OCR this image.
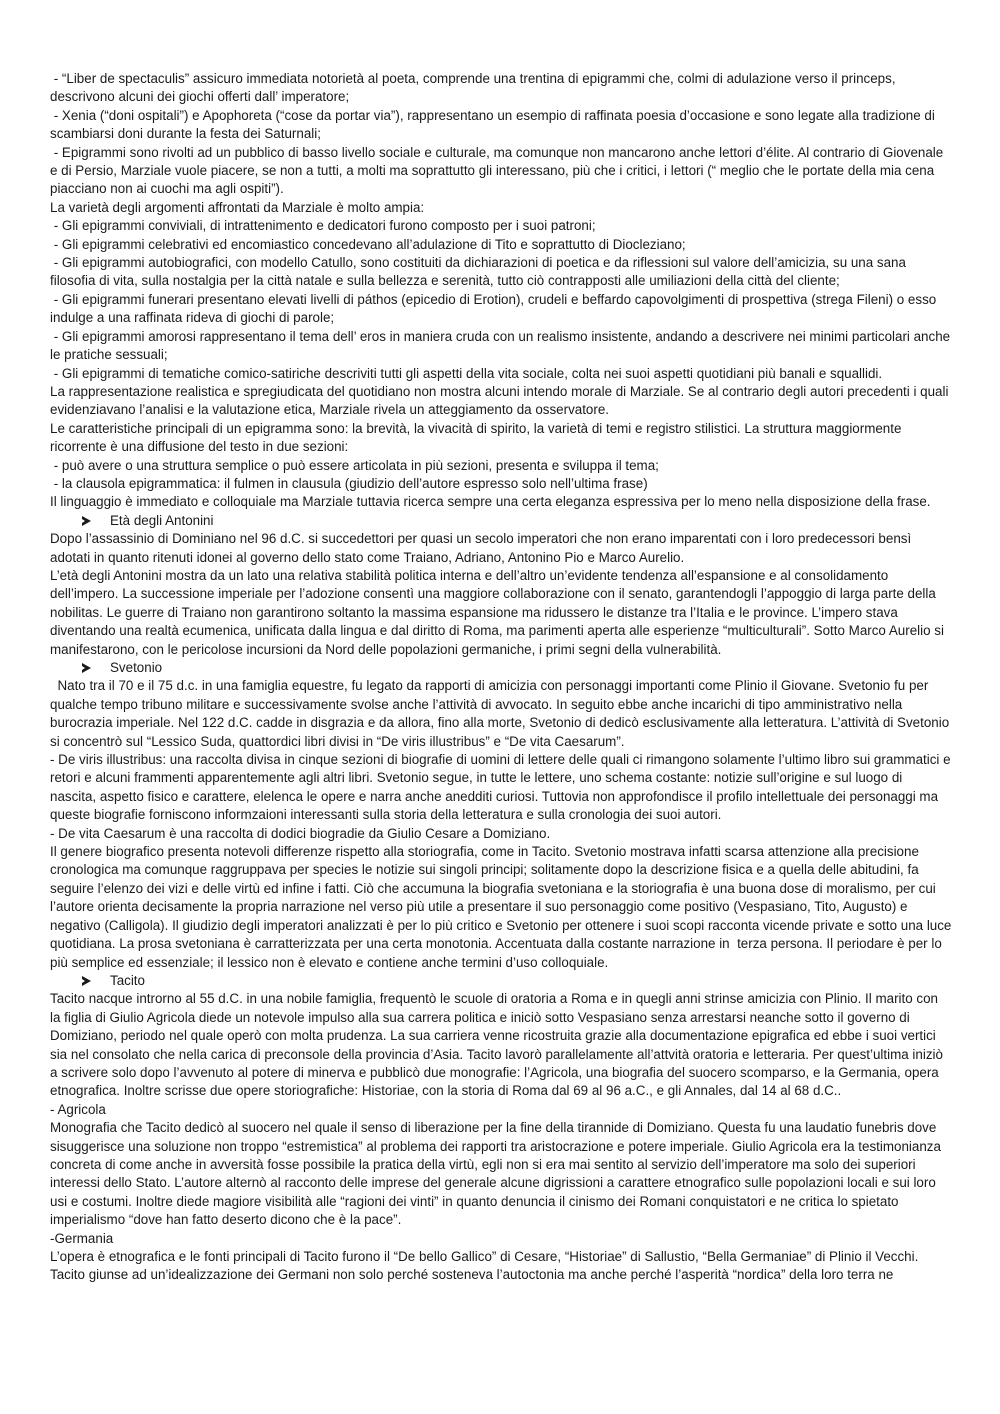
- “Liber de spectaculis” assicuro immediata notorietà al poeta, comprende una trentina di epigrammi che, colmi di adulazione verso il princeps, descrivono alcuni dei giochi offerti dall’ imperatore;

- Xenia (“doni ospitali”) e Apophoreta (“cose da portar via”), rappresentano un esempio di raffinata poesia d’occasione e sono legate alla tradizione di scambiarsi doni durante la festa dei Saturnali;

- Epigrammi sono rivolti ad un pubblico di basso livello sociale e culturale, ma comunque non mancarono anche lettori d’élite. Al contrario di Giovenale e di Persio, Marziale vuole piacere, se non a tutti, a molti ma soprattutto gli interessano, più che i critici, i lettori (“ meglio che le portate della mia cena piacciano non ai cuochi ma agli ospiti”).

La varietà degli argomenti affrontati da Marziale è molto ampia:

- Gli epigrammi conviviali, di intrattenimento e dedicatori furono composto per i suoi patroni;

- Gli epigrammi celebrativi ed encomiastico concedevano all’adulazione di Tito e soprattutto di Diocleziano;

- Gli epigrammi autobiografici, con modello Catullo, sono costituiti da dichiarazioni di poetica e da riflessioni sul valore dell’amicizia, su una sana filosofia di vita, sulla nostalgia per la città natale e sulla bellezza e serenità, tutto ciò contrapposti alle umiliazioni della città del cliente;

- Gli epigrammi funerari presentano elevati livelli di páthos (epicedio di Erotion), crudeli e beffardo capovolgimenti di prospettiva (strega Fileni) o esso indulge a una raffinata rideva di giochi di parole;

- Gli epigrammi amorosi rappresentano il tema dell’ eros in maniera cruda con un realismo insistente, andando a descrivere nei minimi particolari anche le pratiche sessuali;

- Gli epigrammi di tematiche comico-satiriche descriviti tutti gli aspetti della vita sociale, colta nei suoi aspetti quotidiani più banali e squallidi.

La rappresentazione realistica e spregiudicata del quotidiano non mostra alcuni intendo morale di Marziale. Se al contrario degli autori precedenti i quali evidenziavano l’analisi e la valutazione etica, Marziale rivela un atteggiamento da osservatore.

Le caratteristiche principali di un epigramma sono: la brevità, la vivacità di spirito, la varietà di temi e registro stilistici. La struttura maggiormente ricorrente è una diffusione del testo in due sezioni:

- può avere o una struttura semplice o può essere articolata in più sezioni, presenta e sviluppa il tema;

- la clausola epigrammatica: il fulmen in clausula (giudizio dell’autore espresso solo nell’ultima frase)

Il linguaggio è immediato e colloquiale ma Marziale tuttavia ricerca sempre una certa eleganza espressiva per lo meno nella disposizione della frase.

Età degli Antonini

Dopo l’assassinio di Dominiano nel 96 d.C. si succedettori per quasi un secolo imperatori che non erano imparentati con i loro predecessori bensì adotati in quanto ritenuti idonei al governo dello stato come Traiano, Adriano, Antonino Pio e Marco Aurelio.

L’età degli Antonini mostra da un lato una relativa stabilità politica interna e dell’altro un’evidente tendenza all’espansione e al consolidamento dell’impero. La successione imperiale per l’adozione consentì una maggiore collaborazione con il senato, garantendogli l’appoggio di larga parte della nobilitas. Le guerre di Traiano non garantirono soltanto la massima espansione ma ridussero le distanze tra l’Italia e le province. L’impero stava diventando una realtà ecumenica, unificata dalla lingua e dal diritto di Roma, ma parimenti aperta alle esperienze “multiculturali”. Sotto Marco Aurelio si manifestarono, con le pericolose incursioni da Nord delle popolazioni germaniche, i primi segni della vulnerabilità.

Svetonio

Nato tra il 70 e il 75 d.c. in una famiglia equestre, fu legato da rapporti di amicizia con personaggi importanti come Plinio il Giovane. Svetonio fu per qualche tempo tribuno militare e successivamente svolse anche l’attività di avvocato. In seguito ebbe anche incarichi di tipo amministrativo nella burocrazia imperiale. Nel 122 d.C. cadde in disgrazia e da allora, fino alla morte, Svetonio di dedicò esclusivamente alla letteratura. L’attività di Svetonio si concentrò sul “Lessico Suda, quattordici libri divisi in “De viris illustribus” e “De vita Caesarum”.

- De viris illustribus: una raccolta divisa in cinque sezioni di biografie di uomini di lettere delle quali ci rimangono solamente l’ultimo libro sui grammatici e retori e alcuni frammenti apparentemente agli altri libri. Svetonio segue, in tutte le lettere, uno schema costante: notizie sull’origine e sul luogo di nascita, aspetto fisico e carattere, elelenca le opere e narra anche anedditi curiosi. Tuttovia non approfondisce il profilo intellettuale dei personaggi ma queste biografie forniscono informzaioni interessanti sulla storia della letteratura e sulla cronologia dei suoi autori.

- De vita Caesarum è una raccolta di dodici biogradie da Giulio Cesare a Domiziano.

Il genere biografico presenta notevoli differenze rispetto alla storiografia, come in Tacito. Svetonio mostrava infatti scarsa attenzione alla precisione cronologica ma comunque raggruppava per species le notizie sui singoli principi; solitamente dopo la descrizione fisica e a quella delle abitudini, fa seguire l’elenzo dei vizi e delle virtù ed infine i fatti. Ciò che accumuna la biografia svetoniana e la storiografia è una buona dose di moralismo, per cui l’autore orienta decisamente la propria narrazione nel verso più utile a presentare il suo personaggio come positivo (Vespasiano, Tito, Augusto) e negativo (Calligola). Il giudizio degli imperatori analizzati è per lo più critico e Svetonio per ottenere i suoi scopi racconta vicende private e sotto una luce quotidiana. La prosa svetoniana è carratterizzata per una certa monotonia. Accentuata dalla costante narrazione in  terza persona. Il periodare è per lo più semplice ed essenziale; il lessico non è elevato e contiene anche termini d’uso colloquiale.

Tacito

Tacito nacque introrno al 55 d.C. in una nobile famiglia, frequentò le scuole di oratoria a Roma e in quegli anni strinse amicizia con Plinio. Il marito con la figlia di Giulio Agricola diede un notevole impulso alla sua carrera politica e iniciò sotto Vespasiano senza arrestarsi neanche sotto il governo di Domiziano, periodo nel quale operò con molta prudenza. La sua carriera venne ricostruita grazie alla documentazione epigrafica ed ebbe i suoi vertici sia nel consolato che nella carica di preconsole della provincia d’Asia. Tacito lavorò parallelamente all’attvità oratoria e letteraria. Per quest’ultima iniziò a scrivere solo dopo l’avvenuto al potere di minerva e pubblicò due monografie: l’Agricola, una biografia del suocero scomparso, e la Germania, opera etnografica. Inoltre scrisse due opere storiografiche: Historiae, con la storia di Roma dal 69 al 96 a.C., e gli Annales, dal 14 al 68 d.C..

- Agricola

Monografia che Tacito dedicò al suocero nel quale il senso di liberazione per la fine della tirannide di Domiziano. Questa fu una laudatio funebris dove sisuggerisce una soluzione non troppo “estremistica” al problema dei rapporti tra aristocrazione e potere imperiale. Giulio Agricola era la testimonianza concreta di come anche in avversità fosse possibile la pratica della virtù, egli non si era mai sentito al servizio dell’imperatore ma solo dei superiori interessi dello Stato. L’autore alternò al racconto delle imprese del generale alcune digrissioni a carattere etnografico sulle popolazioni locali e sui loro usi e costumi. Inoltre diede magiore visibilità alle “ragioni dei vinti” in quanto denuncia il cinismo dei Romani conquistatori e ne critica lo spietato imperialismo “dove han fatto deserto dicono che è la pace”.

-Germania

L’opera è etnografica e le fonti principali di Tacito furono il “De bello Gallico” di Cesare, “Historiae” di Sallustio, “Bella Germaniae” di Plinio il Vecchi. Tacito giunse ad un’idealizzazione dei Germani non solo perché sosteneva l’autoctonia ma anche perché l’asperità “nordica” della loro terra ne
